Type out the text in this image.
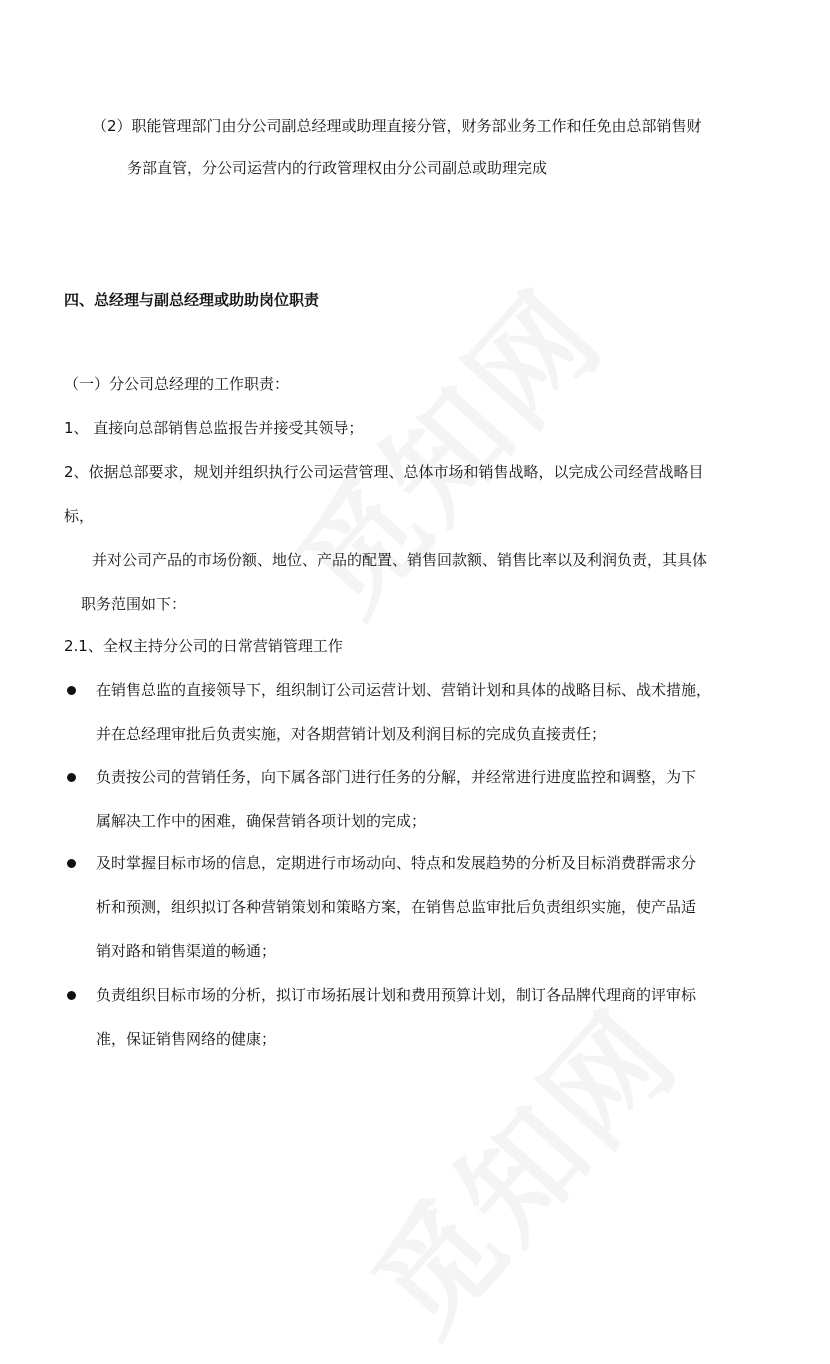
（2）职能管理部门由分公司副总经理或助理直接分管，财务部业务工作和任免由总部销售财
务部直管，分公司运营内的行政管理权由分公司副总或助理完成
四、总经理与副总经理或助助岗位职责
（一）分公司总经理的工作职责：
1、 直接向总部销售总监报告并接受其领导；
2、依据总部要求，规划并组织执行公司运营管理、总体市场和销售战略，以完成公司经营战略目
标，
并对公司产品的市场份额、地位、产品的配置、销售回款额、销售比率以及利润负责，其具体
职务范围如下：
2.1、全权主持分公司的日常营销管理工作
在销售总监的直接领导下，组织制订公司运营计划、营销计划和具体的战略目标、战术措施，
并在总经理审批后负责实施，对各期营销计划及利润目标的完成负直接责任；
负责按公司的营销任务，向下属各部门进行任务的分解，并经常进行进度监控和调整，为下
属解决工作中的困难，确保营销各项计划的完成；
及时掌握目标市场的信息，定期进行市场动向、特点和发展趋势的分析及目标消费群需求分
析和预测，组织拟订各种营销策划和策略方案，在销售总监审批后负责组织实施，使产品适
销对路和销售渠道的畅通；
负责组织目标市场的分析，拟订市场拓展计划和费用预算计划，制订各品牌代理商的评审标
准，保证销售网络的健康；
